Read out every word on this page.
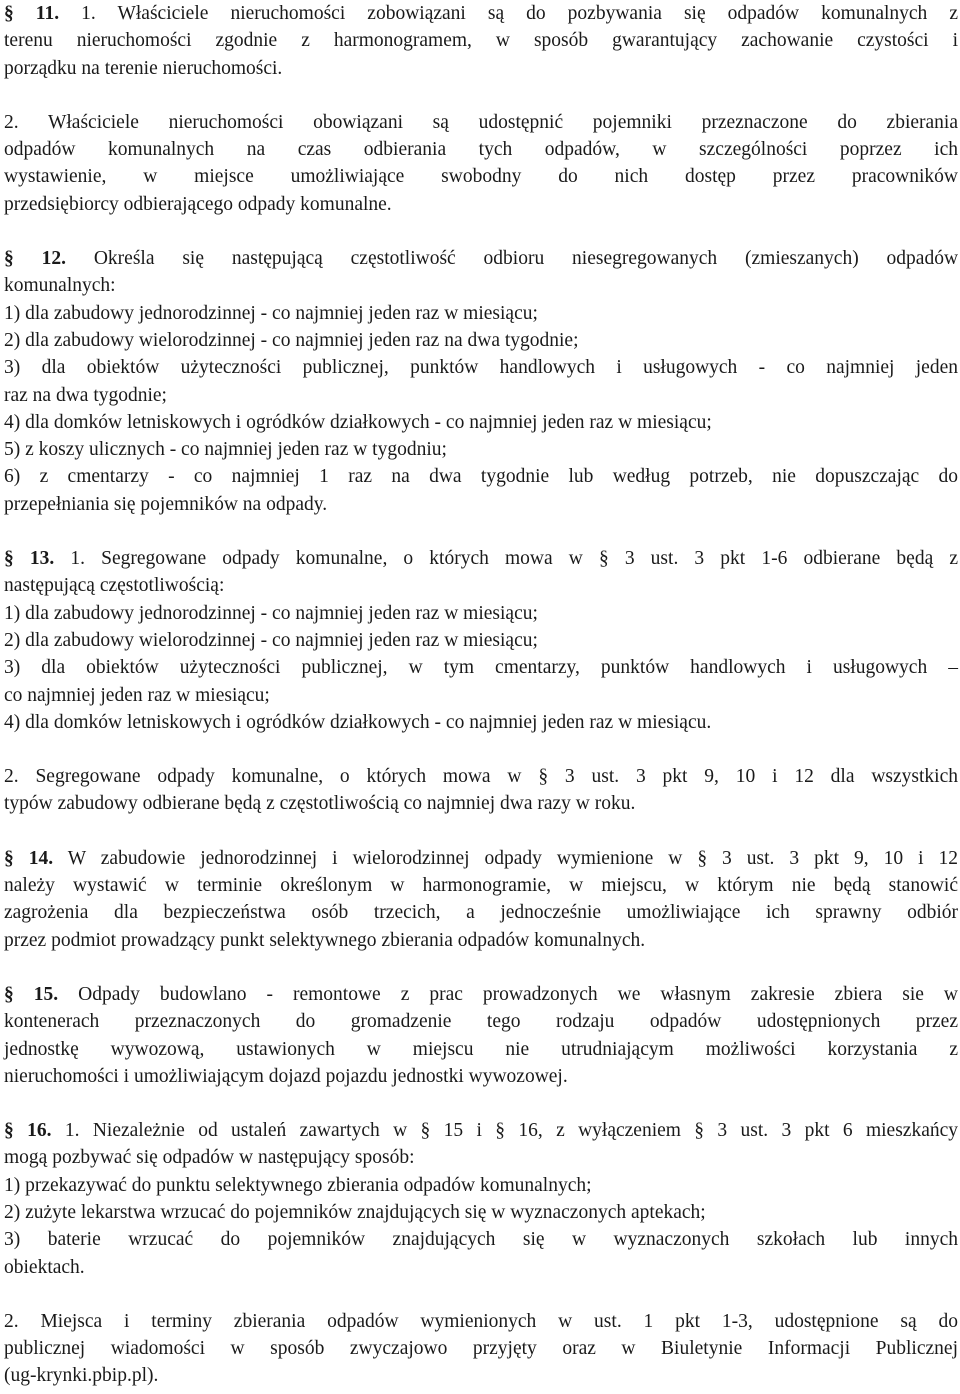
§ 11. 1. Właściciele nieruchomości zobowiązani są do pozbywania się odpadów komunalnych z
terenu nieruchomości zgodnie z harmonogramem, w sposób gwarantujący zachowanie czystości i
porządku na terenie nieruchomości.
2. Właściciele nieruchomości obowiązani są udostępnić pojemniki przeznaczone do zbierania
odpadów komunalnych na czas odbierania tych odpadów, w szczególności poprzez ich
wystawienie, w miejsce umożliwiające swobodny do nich dostęp przez pracowników
przedsiębiorcy odbierającego odpady komunalne.
§ 12. Określa się następującą częstotliwość odbioru niesegregowanych (zmieszanych) odpadów
komunalnych:
1) dla zabudowy jednorodzinnej - co najmniej jeden raz w miesiącu;
2) dla zabudowy wielorodzinnej - co najmniej jeden raz na dwa tygodnie;
3) dla obiektów użyteczności publicznej, punktów handlowych i usługowych - co najmniej jeden
raz na dwa tygodnie;
4) dla domków letniskowych i ogródków działkowych - co najmniej jeden raz w miesiącu;
5) z koszy ulicznych - co najmniej jeden raz w tygodniu;
6) z cmentarzy - co najmniej 1 raz na dwa tygodnie lub według potrzeb, nie dopuszczając do
przepełniania się pojemników na odpady.
§ 13. 1. Segregowane odpady komunalne, o których mowa w § 3 ust. 3 pkt 1-6 odbierane będą z
następującą częstotliwością:
1) dla zabudowy jednorodzinnej - co najmniej jeden raz w miesiącu;
2) dla zabudowy wielorodzinnej - co najmniej jeden raz w miesiącu;
3) dla obiektów użyteczności publicznej, w tym cmentarzy, punktów handlowych i usługowych –
co najmniej jeden raz w miesiącu;
4) dla domków letniskowych i ogródków działkowych - co najmniej jeden raz w miesiącu.
2. Segregowane odpady komunalne, o których mowa w § 3 ust. 3 pkt 9, 10 i 12 dla wszystkich
typów zabudowy odbierane będą z częstotliwością co najmniej dwa razy w roku.
§ 14. W zabudowie jednorodzinnej i wielorodzinnej odpady wymienione w § 3 ust. 3 pkt 9, 10 i 12
należy wystawić w terminie określonym w harmonogramie, w miejscu, w którym nie będą stanowić
zagrożenia dla bezpieczeństwa osób trzecich, a jednocześnie umożliwiające ich sprawny odbiór
przez podmiot prowadzący punkt selektywnego zbierania odpadów komunalnych.
§ 15. Odpady budowlano - remontowe z prac prowadzonych we własnym zakresie zbiera sie w
kontenerach przeznaczonych do gromadzenie tego rodzaju odpadów udostępnionych przez
jednostkę wywozową, ustawionych w miejscu nie utrudniającym możliwości korzystania z
nieruchomości i umożliwiającym dojazd pojazdu jednostki wywozowej.
§ 16. 1. Niezależnie od ustaleń zawartych w § 15 i § 16, z wyłączeniem § 3 ust. 3 pkt 6 mieszkańcy
mogą pozbywać się odpadów w następujący sposób:
1) przekazywać do punktu selektywnego zbierania odpadów komunalnych;
2) zużyte lekarstwa wrzucać do pojemników znajdujących się w wyznaczonych aptekach;
3) baterie wrzucać do pojemników znajdujących się w wyznaczonych szkołach lub innych
obiektach.
2. Miejsca i terminy zbierania odpadów wymienionych w ust. 1 pkt 1-3, udostępnione są do
publicznej wiadomości w sposób zwyczajowo przyjęty oraz w Biuletynie Informacji Publicznej
(ug-krynki.pbip.pl).
